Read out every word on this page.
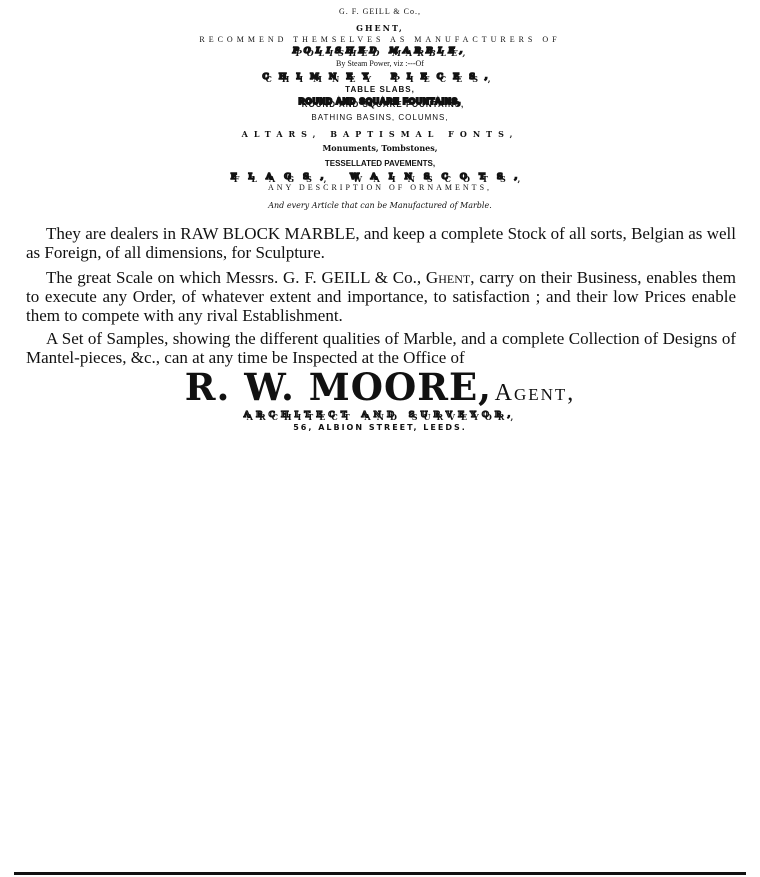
G. F. GEILL & Co.,
GHENT,
RECOMMEND THEMSELVES AS MANUFACTURERS OF
POLISHED MARBLE,
By Steam Power, viz :---Of
CHIMNEY PIECES,
TABLE SLABS,
ROUND AND SQUARE FOUNTAINS,
BATHING BASINS, COLUMNS,
ALTARS, BAPTISMAL FONTS,
Monuments, Tombstones,
TESSELLATED PAVEMENTS,
FLAGS, WAINSCOTS,
ANY DESCRIPTION OF ORNAMENTS,
And every Article that can be Manufactured of Marble.

They are dealers in RAW BLOCK MARBLE, and keep a complete Stock of all sorts, Belgian as well as Foreign, of all dimensions, for Sculpture.

The great Scale on which Messrs. G. F. GEILL & Co., Ghent, carry on their Business, enables them to execute any Order, of whatever extent and importance, to satisfaction ; and their low Prices enable them to compete with any rival Establishment.

A Set of Samples, showing the different qualities of Marble, and a complete Collection of Designs of Mantel-pieces, &c., can at any time be Inspected at the Office of

R. W. MOORE, Agent,
ARCHITECT AND SURVEYOR,
56, ALBION STREET, LEEDS.
